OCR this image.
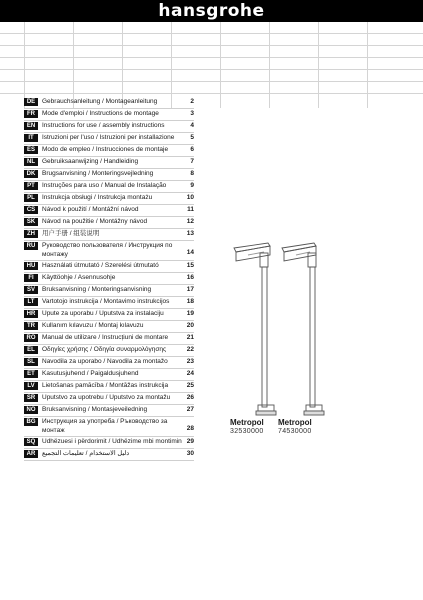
hansgrohe
DE	Gebrauchsanleitung / Montageanleitung	2
FR	Mode d'emploi / Instructions de montage	3
EN	Instructions for use / assembly instructions	4
IT	Istruzioni per l'uso / Istruzioni per installazione	5
ES	Modo de empleo / Instrucciones de montaje	6
NL	Gebruiksaanwijzing / Handleiding	7
DK	Brugsanvisning / Monteringsvejledning	8
PT	Instruções para uso / Manual de Instalação	9
PL	Instrukcja obsługi / Instrukcja montażu	10
CS	Návod k použití / Montážní návod	11
SK	Návod na použitie / Montážny návod	12
ZH	用户手册 / 组装说明	13
RU	Руководство пользователя / Инструкция по монтажу	14
HU	Használati útmutató / Szerelési útmutató	15
FI	Käyttöohje / Asennusohje	16
SV	Bruksanvisning / Monteringsanvisning	17
LT	Vartotojo instrukcija / Montavimo instrukcijos	18
HR	Upute za uporabu / Uputstva za instalaciju	19
TR	Kullanım kılavuzu / Montaj kılavuzu	20
RO	Manual de utilizare / Instrucțiuni de montare	21
EL	Οδηγίες χρήσης / Οδηγία συναρμολόγησης	22
SL	Navodila za uporabo / Navodila za montažo	23
ET	Kasutusjuhend / Paigaldusjuhend	24
LV	Lietošanas pamācība / Montāžas instrukcija	25
SR	Uputstvo za upotrebu / Uputstvo za montažu	26
NO	Bruksanvisning / Montasjeveiledning	27
BG	Инструкция за употреба / Ръководство за монтаж	28
SQ	Udhëzuesi i përdorimit / Udhëzime mbi montimin 29
AR	دليل الاستخدام / تعليمات التجميع	30
Metropol
32530000
Metropol
74530000
